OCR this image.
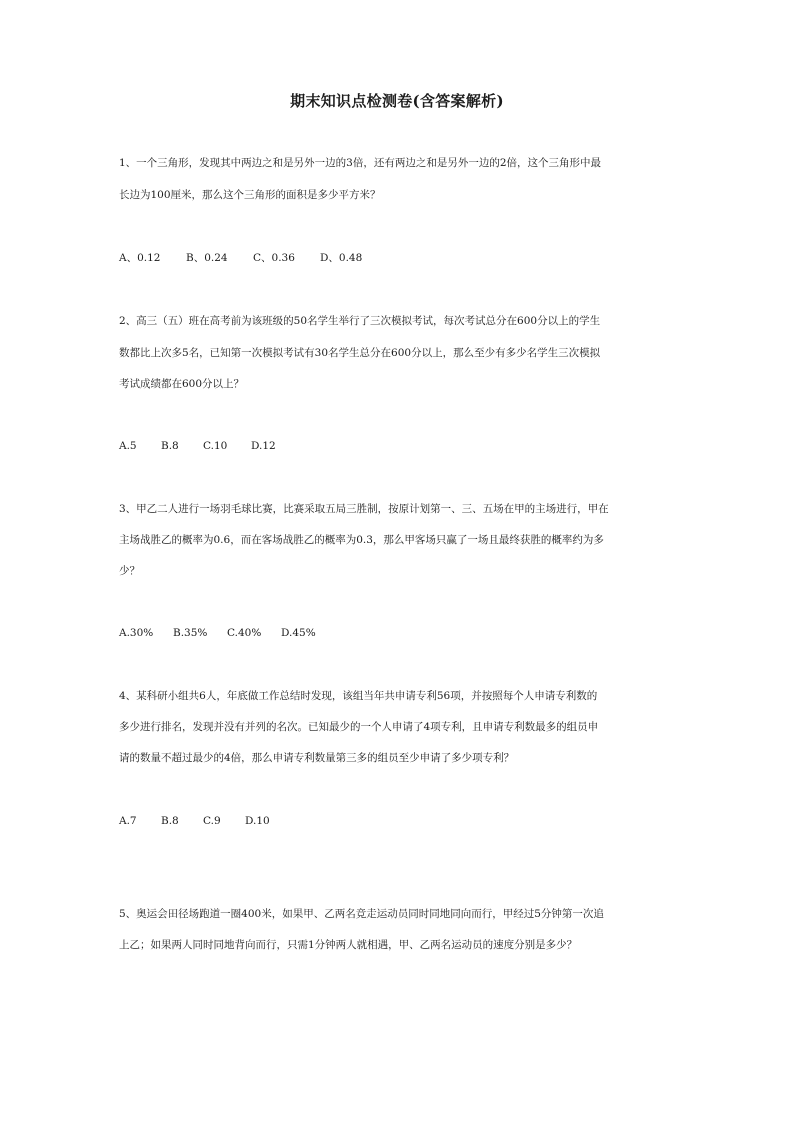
期末知识点检测卷(含答案解析)

1、一个三角形，发现其中两边之和是另外一边的3倍，还有两边之和是另外一边的2倍，这个三角形中最

长边为100厘米，那么这个三角形的面积是多少平方米？

A、0.12 B、0.24 C、0.36 D、0.48

2、高三（五）班在高考前为该班级的50名学生举行了三次模拟考试，每次考试总分在600分以上的学生

数都比上次多5名，已知第一次模拟考试有30名学生总分在600分以上，那么至少有多少名学生三次模拟

考试成绩都在600分以上？

A.5 B.8 C.10 D.12

3、甲乙二人进行一场羽毛球比赛，比赛采取五局三胜制，按原计划第一、三、五场在甲的主场进行，甲在

主场战胜乙的概率为0.6，而在客场战胜乙的概率为0.3，那么甲客场只赢了一场且最终获胜的概率约为多

少？

A.30% B.35% C.40% D.45%

4、某科研小组共6人，年底做工作总结时发现，该组当年共申请专利56项，并按照每个人申请专利数的

多少进行排名，发现并没有并列的名次。已知最少的一个人申请了4项专利，且申请专利数最多的组员申

请的数量不超过最少的4倍，那么申请专利数量第三多的组员至少申请了多少项专利？

A.7 B.8 C.9 D.10

5、奥运会田径场跑道一圈400米，如果甲、乙两名竞走运动员同时同地同向而行，甲经过5分钟第一次追

上乙；如果两人同时同地背向而行，只需1分钟两人就相遇，甲、乙两名运动员的速度分别是多少？
